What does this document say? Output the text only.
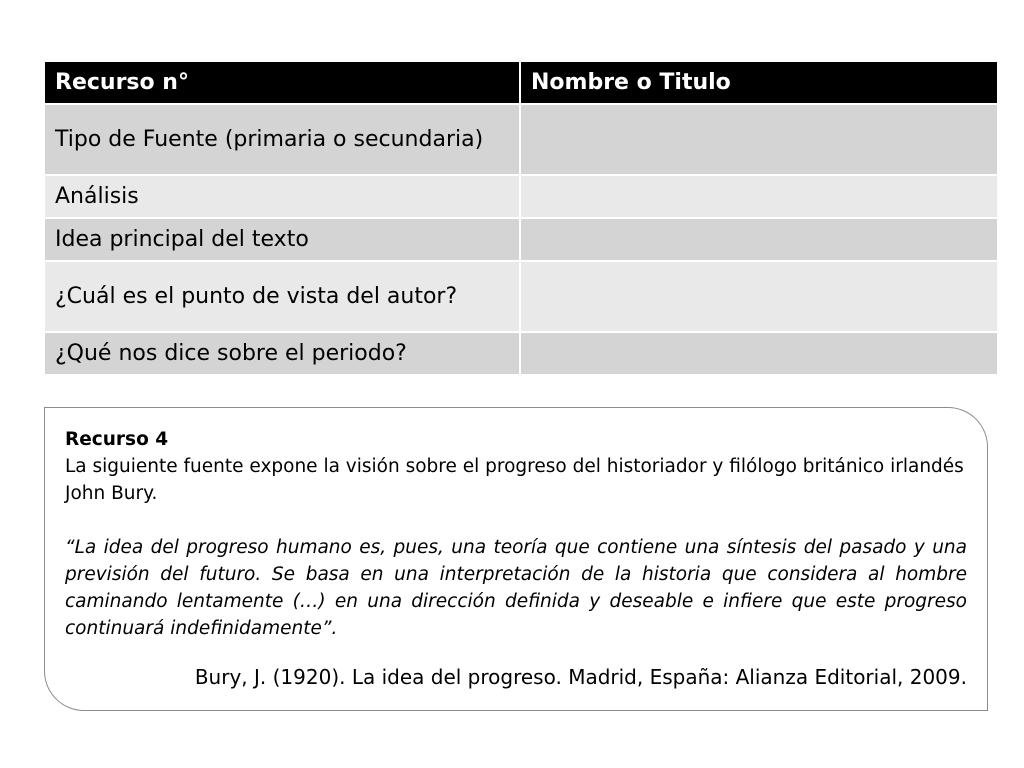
Recurso n°	Nombre o Titulo
Tipo de Fuente (primaria o secundaria)	
Análisis	
Idea principal del texto	
¿Cuál es el punto de vista del autor?	
¿Qué nos dice sobre el periodo?	

Recurso 4

La siguiente fuente expone la visión sobre el progreso del historiador y filólogo británico irlandés John Bury.

“La idea del progreso humano es, pues, una teoría que contiene una síntesis del pasado y una previsión del futuro. Se basa en una interpretación de la historia que considera al hombre caminando lentamente (…) en una dirección definida y deseable e infiere que este progreso continuará indefinidamente”.

Bury, J. (1920). La idea del progreso. Madrid, España: Alianza Editorial, 2009.
